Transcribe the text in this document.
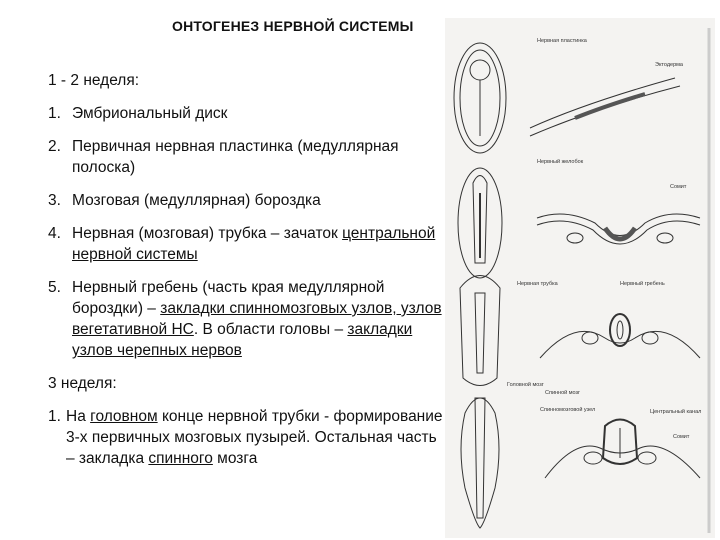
ОНТОГЕНЕЗ НЕРВНОЙ СИСТЕМЫ

1 - 2 неделя:

1. Эмбриональный диск

2. Первичная нервная пластинка (медуллярная полоска)

3. Мозговая (медуллярная) бороздка

4. Нервная (мозговая) трубка – зачаток центральной нервной системы

5. Нервный гребень (часть края медуллярной бороздки) – закладки спинномозговых узлов, узлов вегетативной НС. В области головы – закладки узлов черепных нервов

3 неделя:

1. На головном конце нервной трубки - формирование 3-х первичных мозговых пузырей. Остальная часть – закладка спинного мозга

Нервная пластинка
Эктодерма
Нервный желобок
Сомит
Нервная трубка	Нервный гребень
Спинной мозг
Центральный канал
Спинномозговой узел
Сомит
Головной мозг
